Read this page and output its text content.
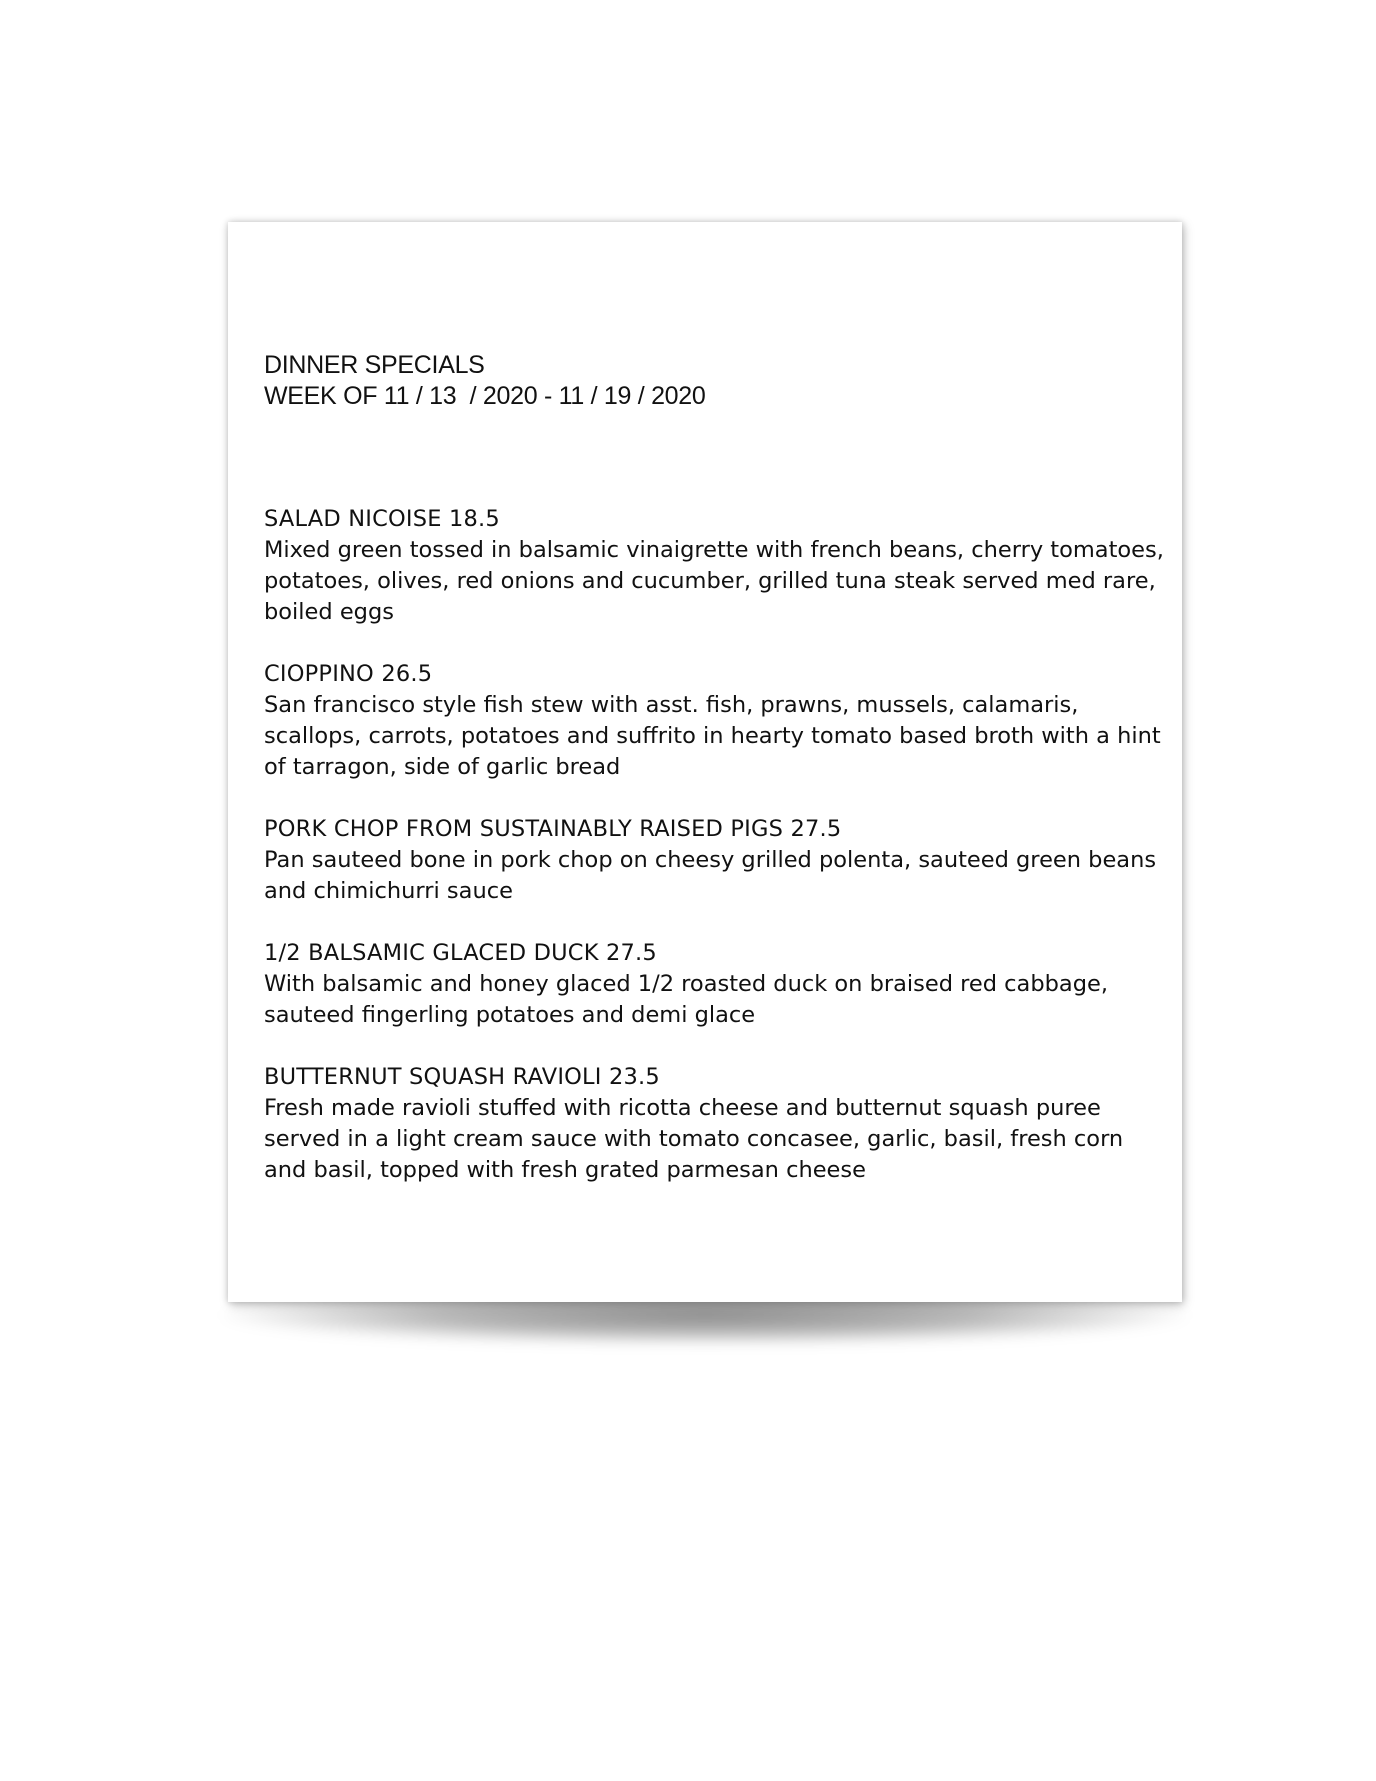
DINNER SPECIALS
WEEK OF 11 / 13  / 2020 - 11 / 19 / 2020
SALAD NICOISE 18.5
Mixed green tossed in balsamic vinaigrette with french beans, cherry tomatoes, potatoes, olives, red onions and cucumber, grilled tuna steak served med rare, boiled eggs
CIOPPINO 26.5
San francisco style fish stew with asst. fish, prawns, mussels, calamaris, scallops, carrots, potatoes and suffrito in hearty tomato based broth with a hint of tarragon, side of garlic bread
PORK CHOP FROM SUSTAINABLY RAISED PIGS 27.5
Pan sauteed bone in pork chop on cheesy grilled polenta, sauteed green beans and chimichurri sauce
1/2 BALSAMIC GLACED DUCK 27.5
With balsamic and honey glaced 1/2 roasted duck on braised red cabbage, sauteed fingerling potatoes and demi glace
BUTTERNUT SQUASH RAVIOLI 23.5
Fresh made ravioli stuffed with ricotta cheese and butternut squash puree served in a light cream sauce with tomato concasee, garlic, basil, fresh corn and basil, topped with fresh grated parmesan cheese
